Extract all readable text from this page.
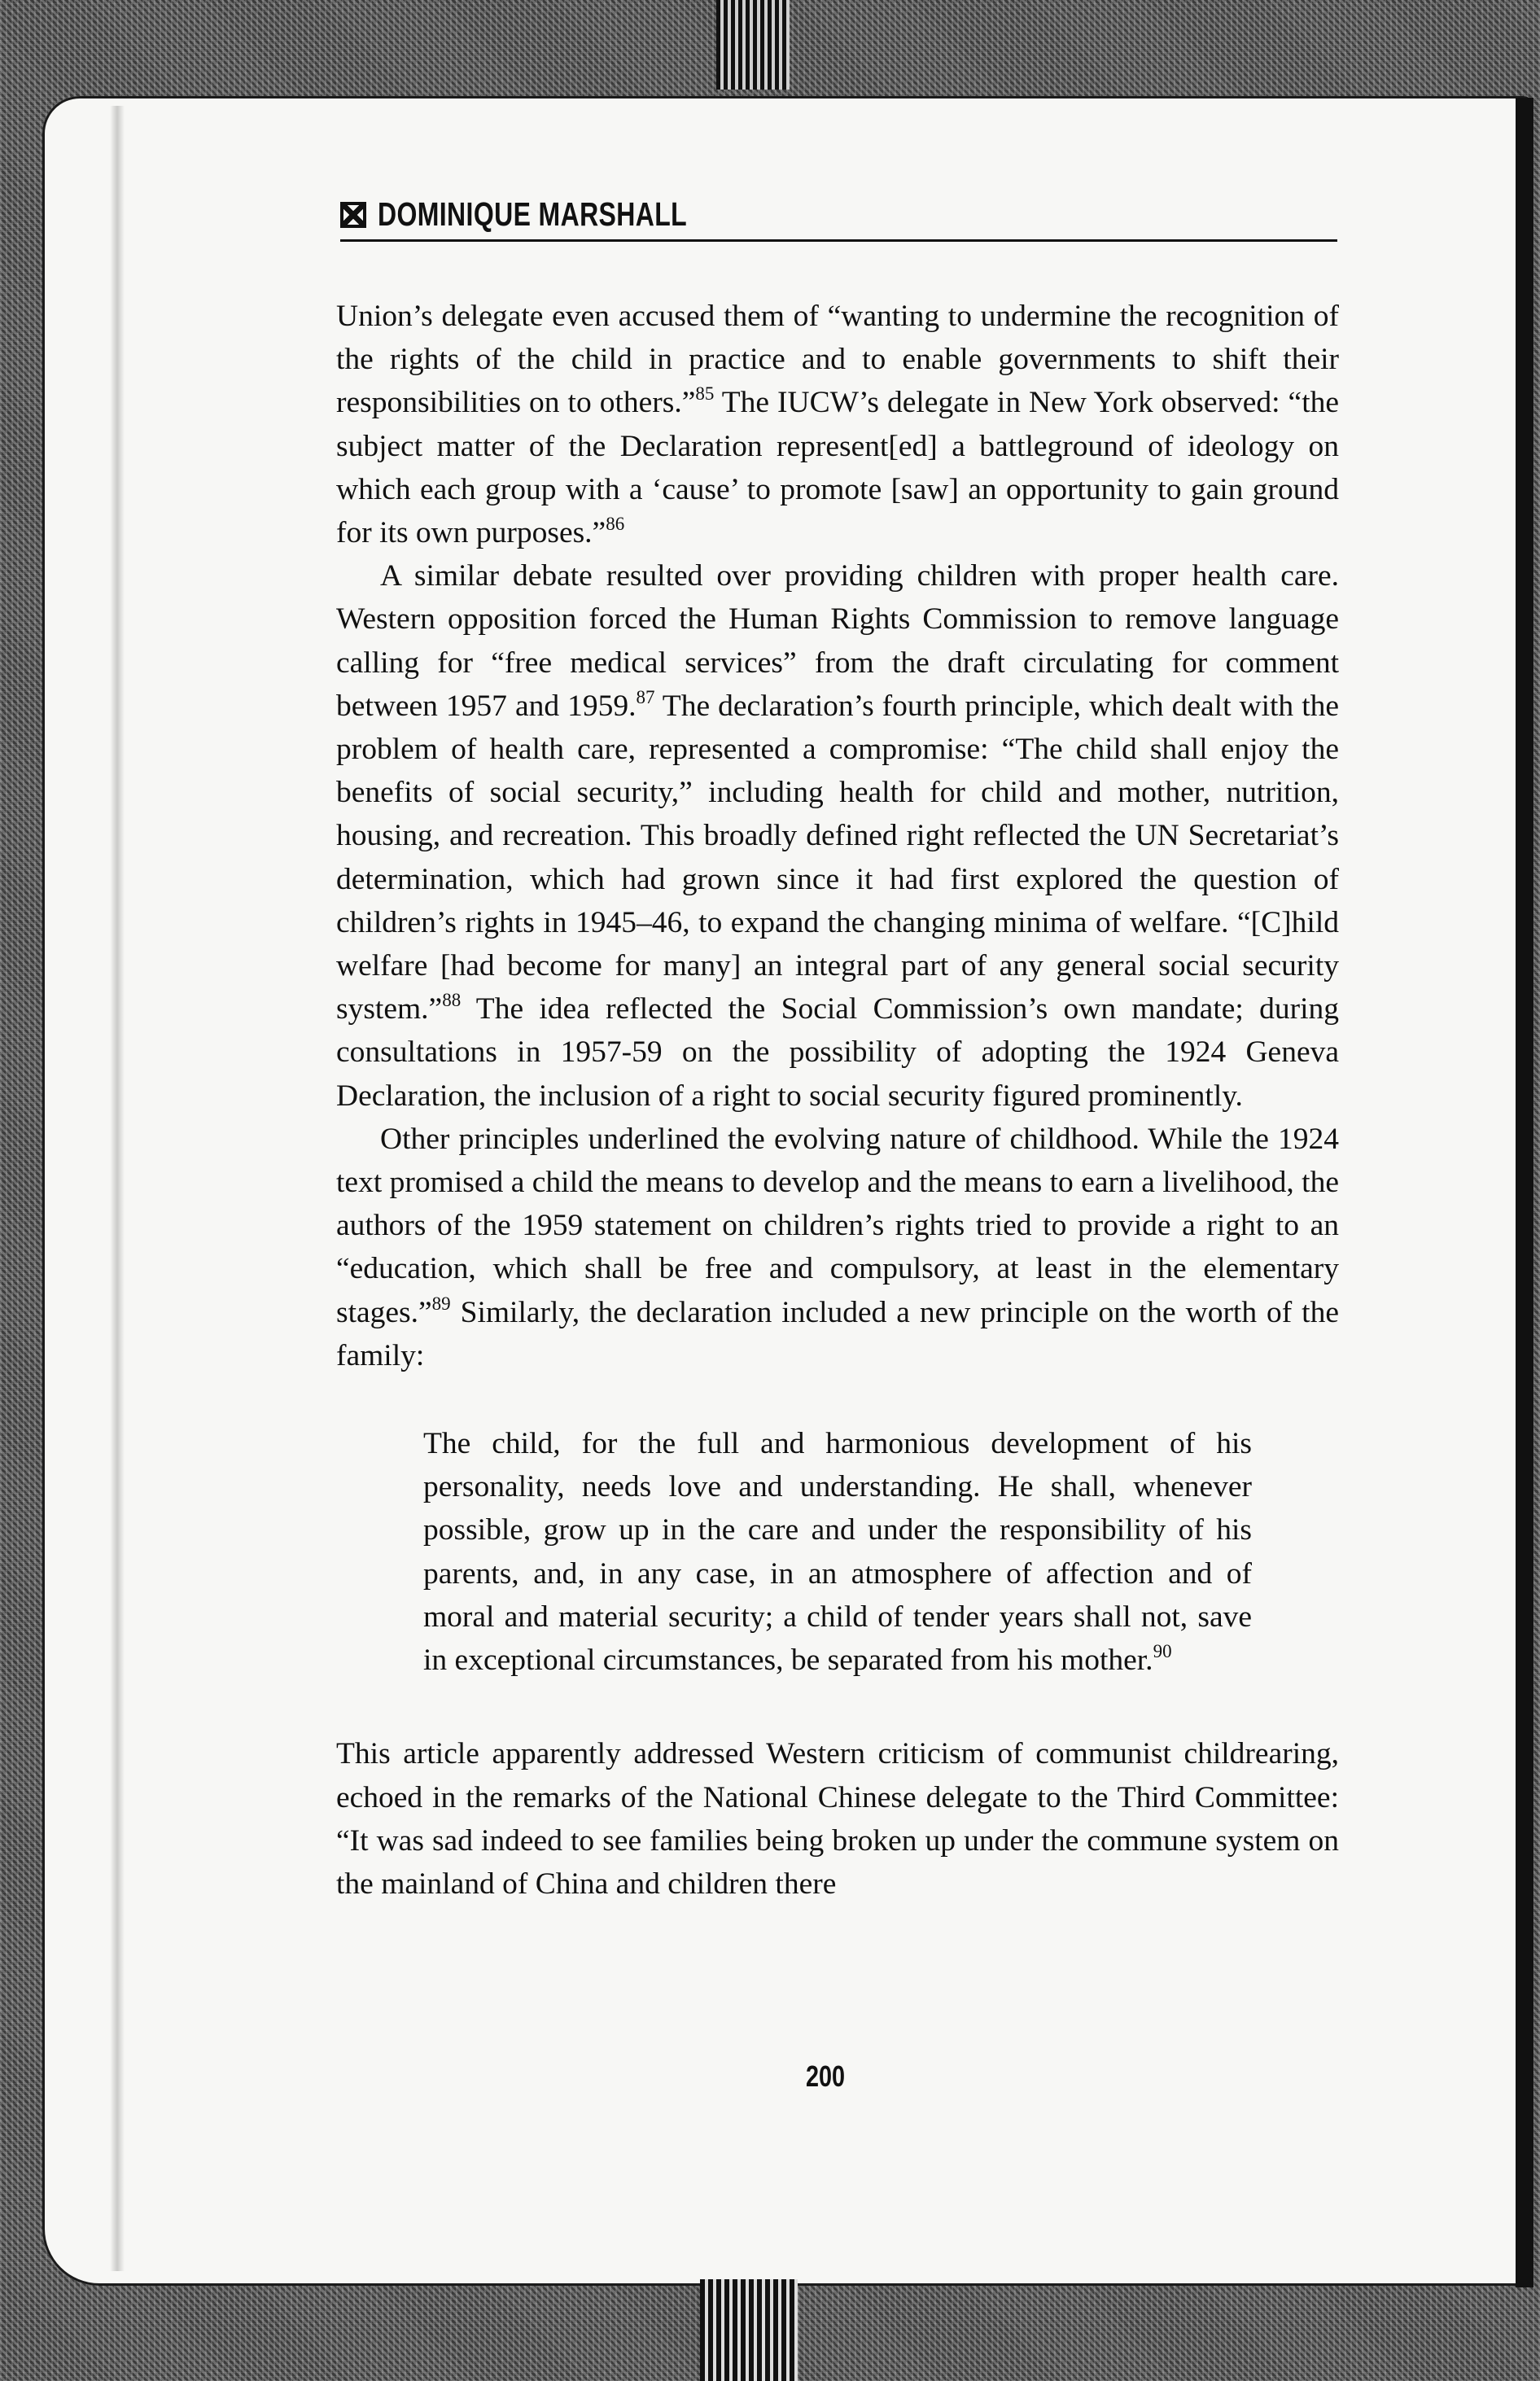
DOMINIQUE MARSHALL

Union’s delegate even accused them of “wanting to undermine the recognition of the rights of the child in practice and to enable governments to shift their responsibilities on to others.”$^{85}$ The IUCW’s delegate in New York observed: “the subject matter of the Declaration represent[ed] a battleground of ideology on which each group with a ‘cause’ to promote [saw] an opportunity to gain ground for its own purposes.”$^{86}$

A similar debate resulted over providing children with proper health care. Western opposition forced the Human Rights Commission to remove language calling for “free medical services” from the draft circulating for comment between 1957 and 1959.87 The declaration’s fourth principle, which dealt with the problem of health care, represented a compromise: “The child shall enjoy the benefits of social security,” including health for child and mother, nutrition, housing, and recreation. This broadly defined right reflected the UN Secretariat’s determination, which had grown since it had first explored the question of children’s rights in 1945–46, to expand the changing minima of welfare. “[C]hild welfare [had become for many] an integral part of any general social security system.”$^{88}$ The idea reflected the Social Commission’s own mandate; during consultations in 1957-59 on the possibility of adopting the 1924 Geneva Declaration, the inclusion of a right to social security figured prominently.

Other principles underlined the evolving nature of childhood. While the 1924 text promised a child the means to develop and the means to earn a livelihood, the authors of the 1959 statement on children’s rights tried to provide a right to an “education, which shall be free and compulsory, at least in the elementary stages.”$^{89}$ Similarly, the declaration included a new principle on the worth of the family:

The child, for the full and harmonious development of his personality, needs love and understanding. He shall, whenever possible, grow up in the care and under the responsibility of his parents, and, in any case, in an atmosphere of affection and of moral and material security; a child of tender years shall not, save in exceptional circumstances, be separated from his mother.$^{90}$

This article apparently addressed Western criticism of communist childrearing, echoed in the remarks of the National Chinese delegate to the Third Committee: “It was sad indeed to see families being broken up under the commune system on the mainland of China and children there

200
